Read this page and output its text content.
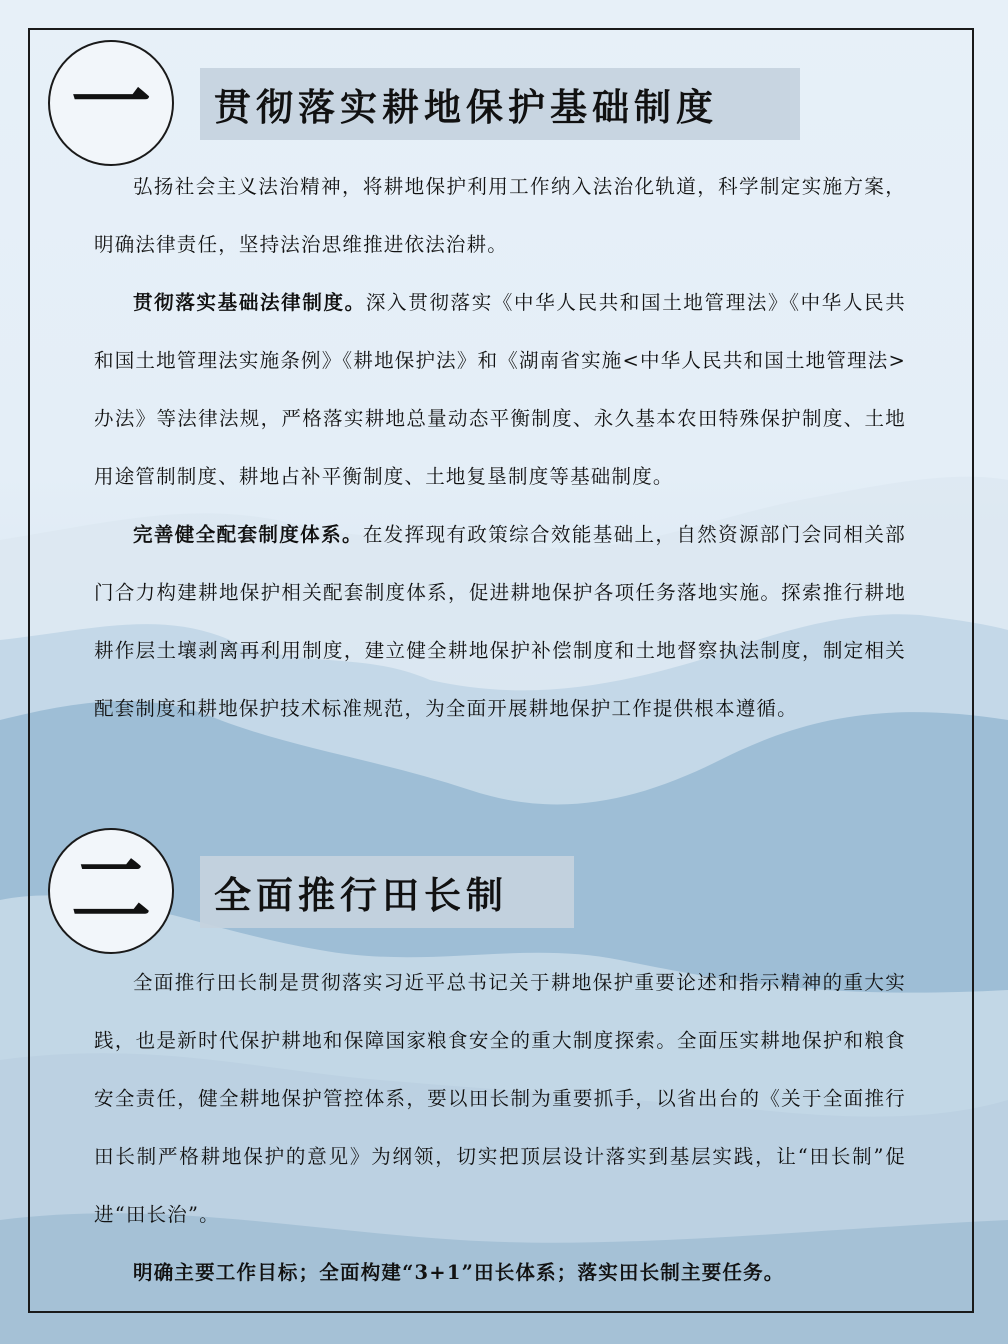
贯彻落实耕地保护基础制度
一

弘扬社会主义法治精神，将耕地保护利用工作纳入法治化轨道，科学制定实施方案，明确法律责任，坚持法治思维推进依法治耕。

贯彻落实基础法律制度。深入贯彻落实《中华人民共和国土地管理法》《中华人民共和国土地管理法实施条例》《耕地保护法》和《湖南省实施<中华人民共和国土地管理法>办法》等法律法规，严格落实耕地总量动态平衡制度、永久基本农田特殊保护制度、土地用途管制制度、耕地占补平衡制度、土地复垦制度等基础制度。

完善健全配套制度体系。在发挥现有政策综合效能基础上，自然资源部门会同相关部门合力构建耕地保护相关配套制度体系，促进耕地保护各项任务落地实施。探索推行耕地耕作层土壤剥离再利用制度，建立健全耕地保护补偿制度和土地督察执法制度，制定相关配套制度和耕地保护技术标准规范，为全面开展耕地保护工作提供根本遵循。

全面推行田长制
二

全面推行田长制是贯彻落实习近平总书记关于耕地保护重要论述和指示精神的重大实践，也是新时代保护耕地和保障国家粮食安全的重大制度探索。全面压实耕地保护和粮食安全责任，健全耕地保护管控体系，要以田长制为重要抓手，以省出台的《关于全面推行田长制严格耕地保护的意见》为纲领，切实把顶层设计落实到基层实践，让“田长制”促进“田长治”。

明确主要工作目标；全面构建“3+1”田长体系；落实田长制主要任务。
